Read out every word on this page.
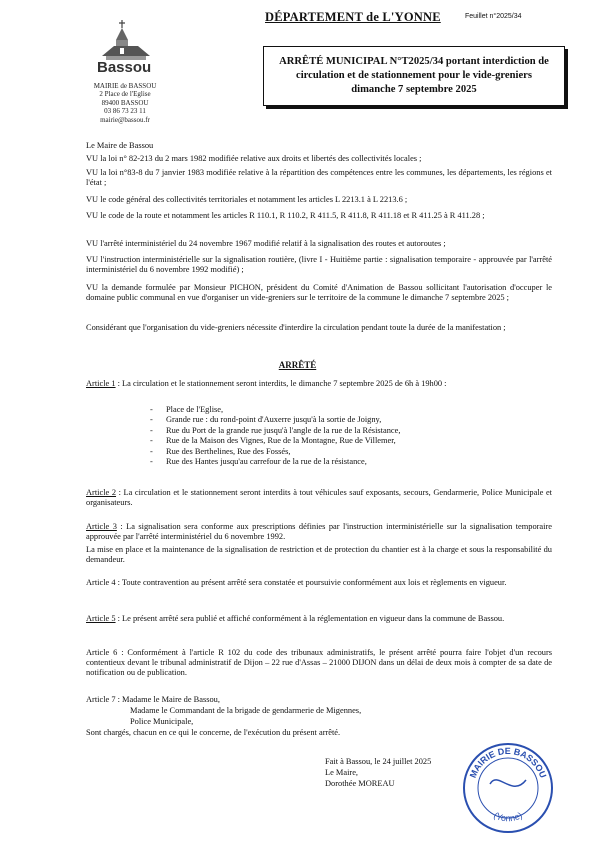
DÉPARTEMENT de L'YONNE	Feuillet n°2025/34
Bassou
MAIRIE de BASSOU
2 Place de l'Eglise
89400 BASSOU
03 86 73 23 11
mairie@bassou.fr
ARRÊTÉ MUNICIPAL N°T2025/34 portant interdiction de
circulation et de stationnement pour le vide-greniers
dimanche 7 septembre 2025
Le Maire de Bassou
VU la loi n° 82-213 du 2 mars 1982 modifiée relative aux droits et libertés des collectivités locales ;
VU la loi n°83-8 du 7 janvier 1983 modifiée relative à la répartition des compétences entre les communes, les départements, les régions et l'état ;
VU le code général des collectivités territoriales et notamment les articles L 2213.1 à L 2213.6 ;
VU le code de la route et notamment les articles R 110.1, R 110.2, R 411.5, R 411.8, R 411.18 et R 411.25 à R 411.28 ;
VU l'arrêté interministériel du 24 novembre 1967 modifié relatif à la signalisation des routes et autoroutes ;
VU l'instruction interministérielle sur la signalisation routière, (livre I - Huitième partie : signalisation temporaire - approuvée par l'arrêté interministériel du 6 novembre 1992 modifié) ;
VU la demande formulée par Monsieur PICHON, président du Comité d'Animation de Bassou sollicitant l'autorisation d'occuper le domaine public communal en vue d'organiser un vide-greniers sur le territoire de la commune le dimanche 7 septembre 2025 ;
Considérant que l'organisation du vide-greniers nécessite d'interdire la circulation pendant toute la durée de la manifestation ;
ARRÊTÉ
Article 1 : La circulation et le stationnement seront interdits, le dimanche 7 septembre 2025 de 6h à 19h00 :
- Place de l'Eglise,
- Grande rue : du rond-point d'Auxerre jusqu'à la sortie de Joigny,
- Rue du Port de la grande rue jusqu'à l'angle de la rue de la Résistance,
- Rue de la Maison des Vignes, Rue de la Montagne, Rue de Villemer,
- Rue des Berthelines, Rue des Fossés,
- Rue des Hantes jusqu'au carrefour de la rue de la résistance,
Article 2 : La circulation et le stationnement seront interdits à tout véhicules sauf exposants, secours, Gendarmerie, Police Municipale et organisateurs.
Article 3 : La signalisation sera conforme aux prescriptions définies par l'instruction interministérielle sur la signalisation temporaire approuvée par l'arrêté interministériel du 6 novembre 1992.
La mise en place et la maintenance de la signalisation de restriction et de protection du chantier est à la charge et sous la responsabilité du demandeur.
Article 4 : Toute contravention au présent arrêté sera constatée et poursuivie conformément aux lois et règlements en vigueur.
Article 5 : Le présent arrêté sera publié et affiché conformément à la réglementation en vigueur dans la commune de Bassou.
Article 6 : Conformément à l'article R 102 du code des tribunaux administratifs, le présent arrêté pourra faire l'objet d'un recours contentieux devant le tribunal administratif de Dijon – 22 rue d'Assas – 21000 DIJON dans un délai de deux mois à compter de sa date de notification ou de publication.
Article 7 : Madame le Maire de Bassou,
Madame le Commandant de la brigade de gendarmerie de Migennes,
Police Municipale,
Sont chargés, chacun en ce qui le concerne, de l'exécution du présent arrêté.
Fait à Bassou, le 24 juillet 2025
Le Maire,
Dorothée MOREAU
MAIRIE DE BASSOU
(Yonne)
